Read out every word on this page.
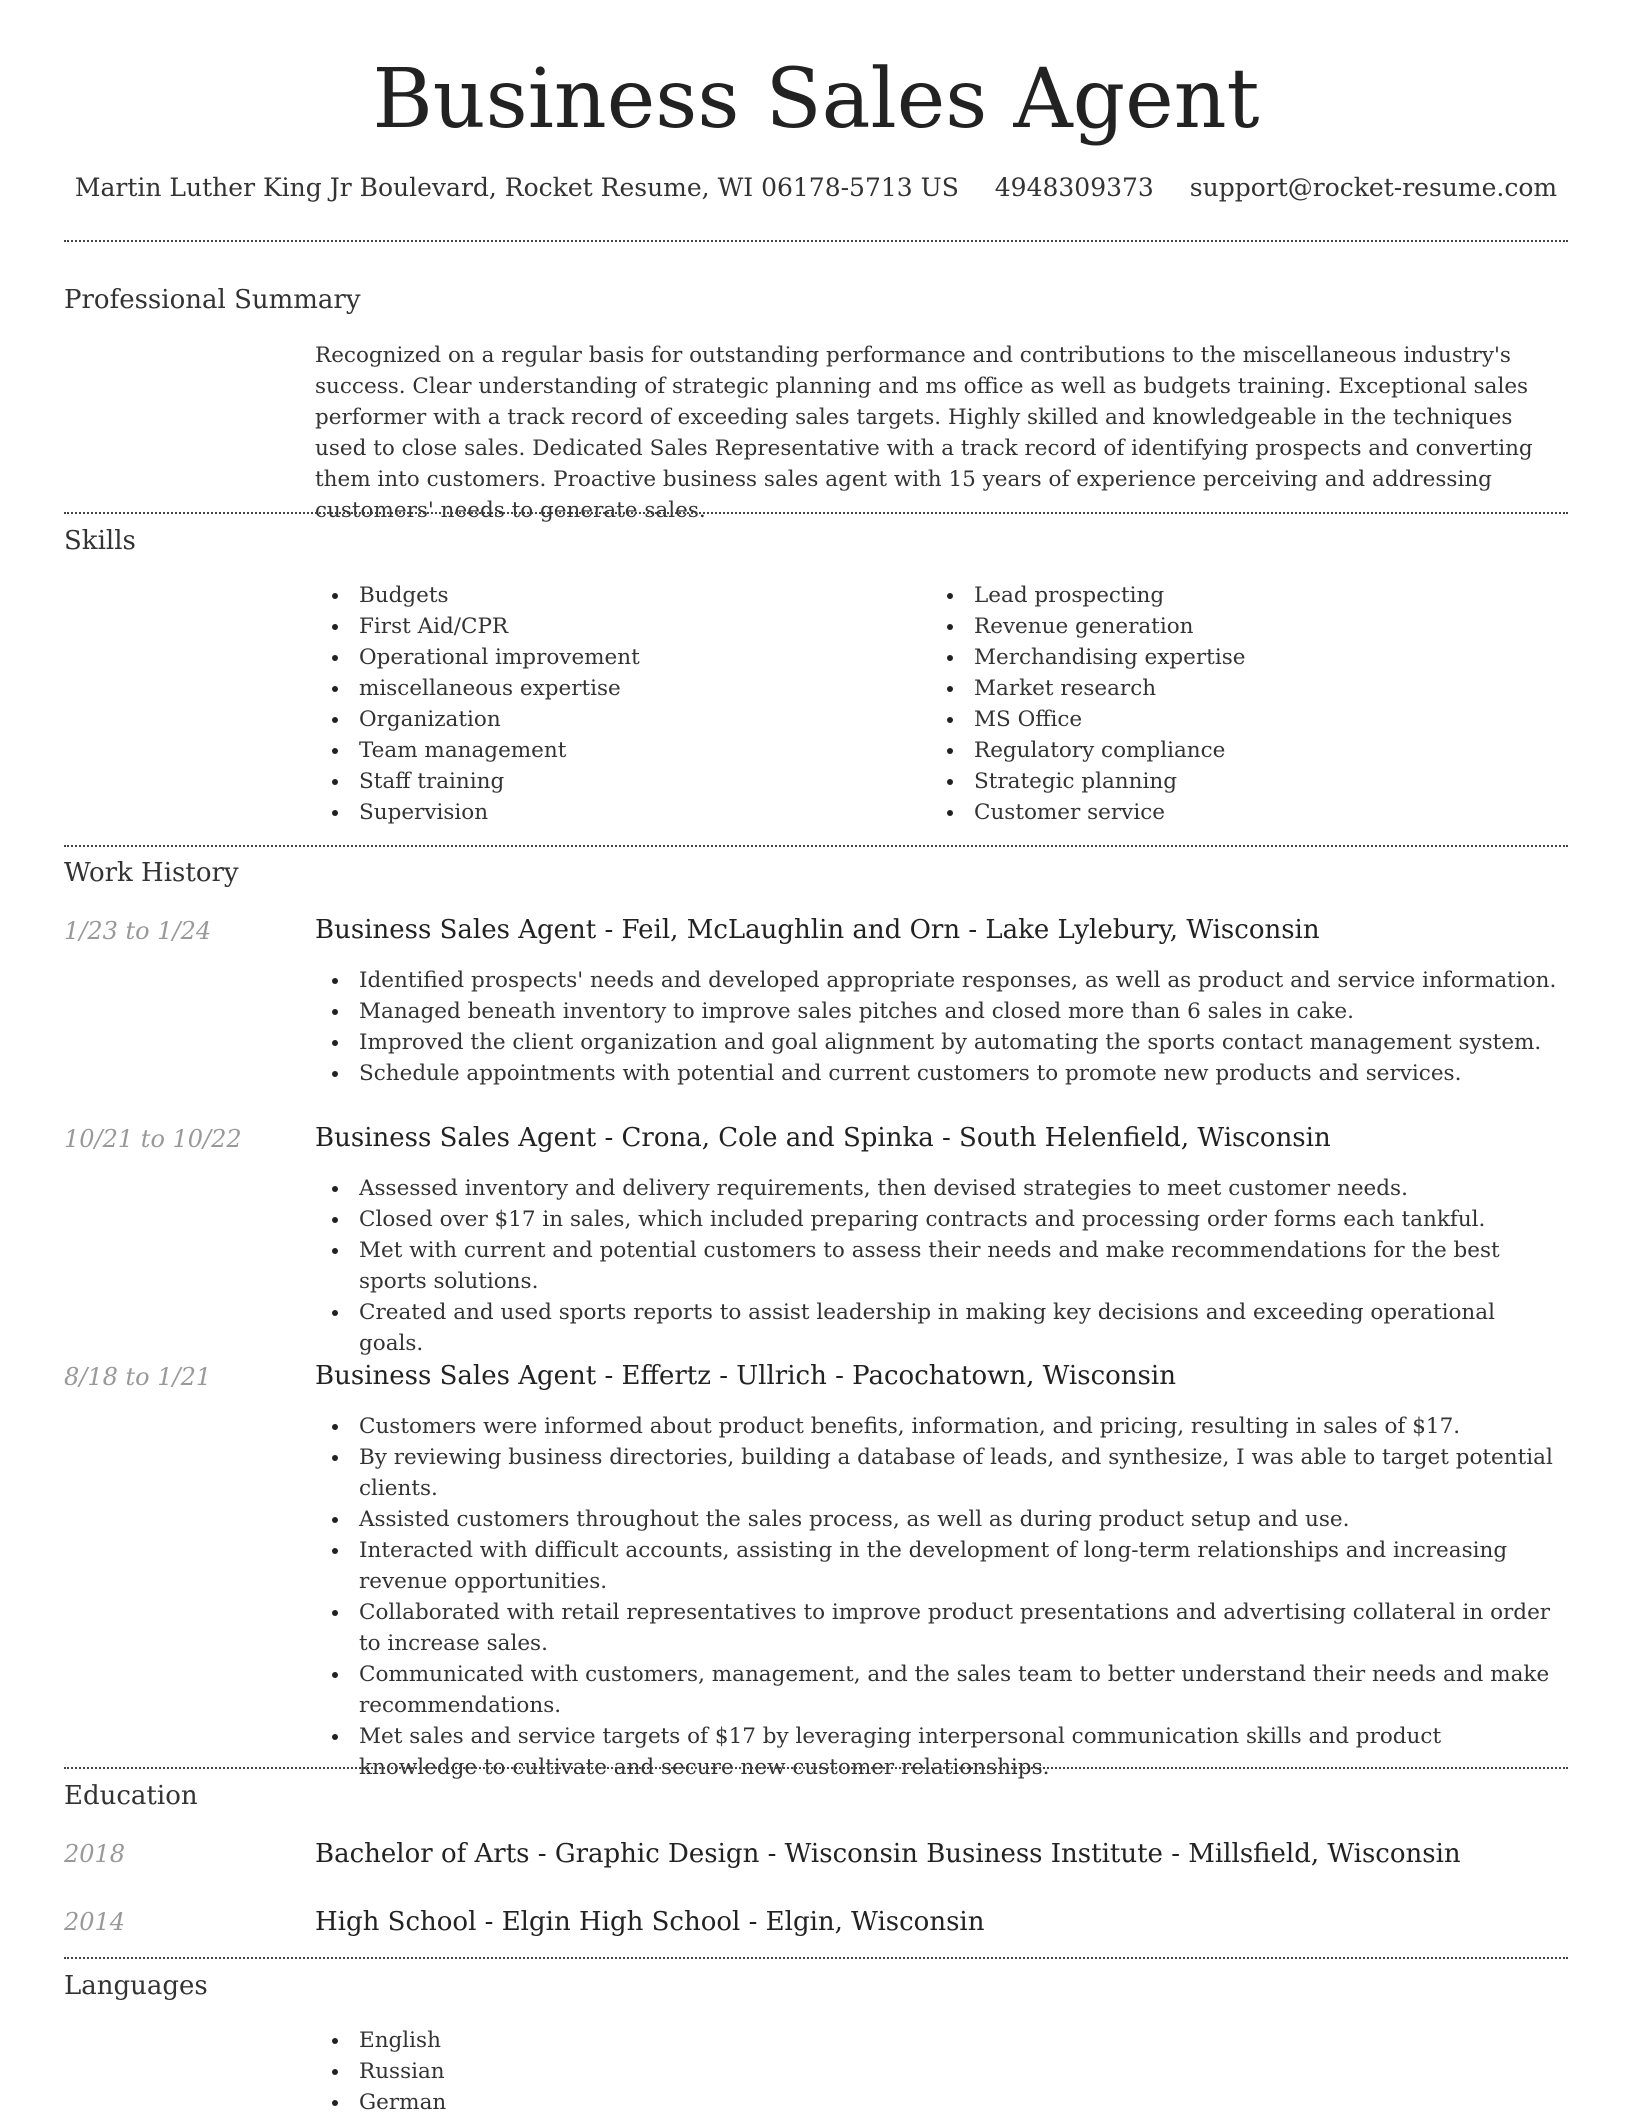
Business Sales Agent
Martin Luther King Jr Boulevard, Rocket Resume, WI 06178-5713 US 4948309373 support@rocket-resume.com
Professional Summary
Recognized on a regular basis for outstanding performance and contributions to the miscellaneous industry's success. Clear understanding of strategic planning and ms office as well as budgets training. Exceptional sales performer with a track record of exceeding sales targets. Highly skilled and knowledgeable in the techniques used to close sales. Dedicated Sales Representative with a track record of identifying prospects and converting them into customers. Proactive business sales agent with 15 years of experience perceiving and addressing customers' needs to generate sales.
Skills
Budgets
First Aid/CPR
Operational improvement
miscellaneous expertise
Organization
Team management
Staff training
Supervision
Lead prospecting
Revenue generation
Merchandising expertise
Market research
MS Office
Regulatory compliance
Strategic planning
Customer service
Work History
1/23 to 1/24	Business Sales Agent - Feil, McLaughlin and Orn - Lake Lylebury, Wisconsin
Identified prospects' needs and developed appropriate responses, as well as product and service information.
Managed beneath inventory to improve sales pitches and closed more than 6 sales in cake.
Improved the client organization and goal alignment by automating the sports contact management system.
Schedule appointments with potential and current customers to promote new products and services.
10/21 to 10/22	Business Sales Agent - Crona, Cole and Spinka - South Helenfield, Wisconsin
Assessed inventory and delivery requirements, then devised strategies to meet customer needs.
Closed over $17 in sales, which included preparing contracts and processing order forms each tankful.
Met with current and potential customers to assess their needs and make recommendations for the best sports solutions.
Created and used sports reports to assist leadership in making key decisions and exceeding operational goals.
8/18 to 1/21	Business Sales Agent - Effertz - Ullrich - Pacochatown, Wisconsin
Customers were informed about product benefits, information, and pricing, resulting in sales of $17.
By reviewing business directories, building a database of leads, and synthesize, I was able to target potential clients.
Assisted customers throughout the sales process, as well as during product setup and use.
Interacted with difficult accounts, assisting in the development of long-term relationships and increasing revenue opportunities.
Collaborated with retail representatives to improve product presentations and advertising collateral in order to increase sales.
Communicated with customers, management, and the sales team to better understand their needs and make recommendations.
Met sales and service targets of $17 by leveraging interpersonal communication skills and product knowledge to cultivate and secure new customer relationships.
Education
2018	Bachelor of Arts - Graphic Design - Wisconsin Business Institute - Millsfield, Wisconsin
2014	High School - Elgin High School - Elgin, Wisconsin
Languages
English
Russian
German
